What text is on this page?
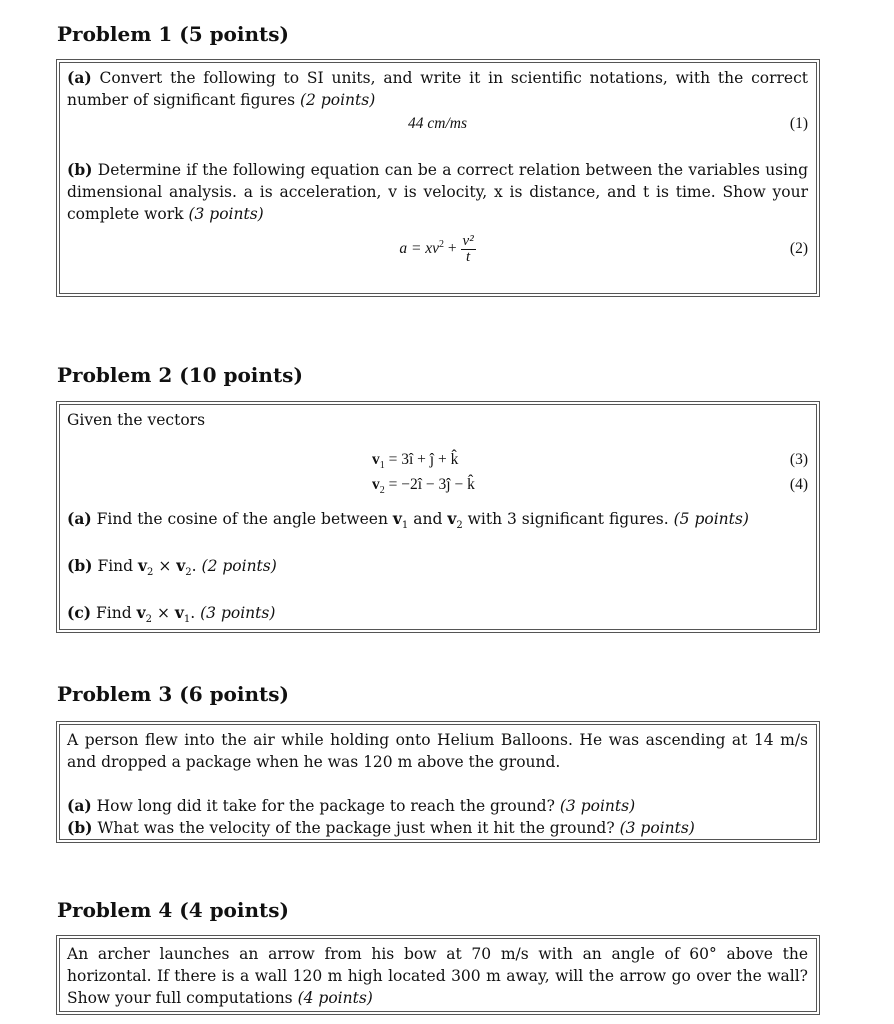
Problem 1 (5 points)
(a) Convert the following to SI units, and write it in scientific notations, with the correct number of significant figures (2 points)
44 cm/ms	(1)
(b) Determine if the following equation can be a correct relation between the variables using dimensional analysis. a is acceleration, v is velocity, x is distance, and t is time. Show your complete work (3 points)
$a = xv^2 + \frac{\text{v²}}{t}$	(2)
Problem 2 (10 points)
Given the vectors
$v_1$ = 3î + ĵ + k̂	(3)
$v_2$ = −2î − 3ĵ − k̂	(4)
(a) Find the cosine of the angle between $v_1$ and $v_2$ with 3 significant figures. (5 points)
(b) Find $v_2 \times v_2$. (2 points)
(c) Find $v_2 \times v_1$. (3 points)
Problem 3 (6 points)
A person flew into the air while holding onto Helium Balloons. He was ascending at 14 m/s and dropped a package when he was 120 m above the ground.
(a) How long did it take for the package to reach the ground? (3 points)
(b) What was the velocity of the package just when it hit the ground? (3 points)
Problem 4 (4 points)
An archer launches an arrow from his bow at 70 m/s with an angle of 60° above the horizontal. If there is a wall 120 m high located 300 m away, will the arrow go over the wall? Show your full computations (4 points)
